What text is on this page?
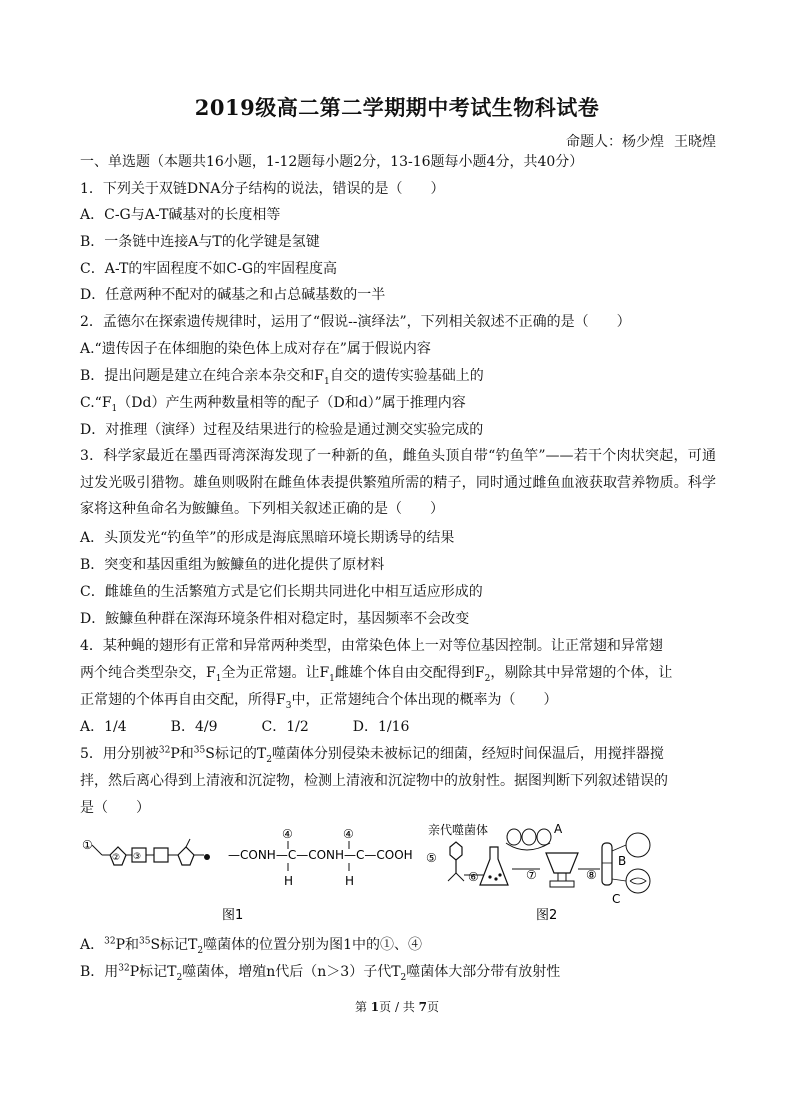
2019级高二第二学期期中考试生物科试卷
命题人：杨少煌 王晓煌
一、单选题（本题共16小题，1-12题每小题2分，13-16题每小题4分，共40分）
1．下列关于双链DNA分子结构的说法，错误的是（　　）
A．C-G与A-T碱基对的长度相等
B．一条链中连接A与T的化学键是氢键
C．A-T的牢固程度不如C-G的牢固程度高
D．任意两种不配对的碱基之和占总碱基数的一半
2．孟德尔在探索遗传规律时，运用了“假说--演绎法”，下列相关叙述不正确的是（　　）
A.“遗传因子在体细胞的染色体上成对存在”属于假说内容
B．提出问题是建立在纯合亲本杂交和$F_1$自交的遗传实验基础上的
$C.“F_1(Dd)$产生两种数量相等的配子（D和d）”属于推理内容
D．对推理（演绎）过程及结果进行的检验是通过测交实验完成的
3．科学家最近在墨西哥湾深海发现了一种新的鱼，雌鱼头顶自带“钓鱼竿”——若干个肉状突起，可通过发光吸引猎物。雄鱼则吸附在雌鱼体表提供繁殖所需的精子，同时通过雌鱼血液获取营养物质。科学家将这种鱼命名为鮟鱇鱼。下列相关叙述正确的是（　　）
A．头顶发光“钓鱼竿”的形成是海底黑暗环境长期诱导的结果
B．突变和基因重组为鮟鱇鱼的进化提供了原材料
C．雌雄鱼的生活繁殖方式是它们长期共同进化中相互适应形成的
D．鮟鱇鱼种群在深海环境条件相对稳定时，基因频率不会改变
4．某种蝇的翅形有正常和异常两种类型，由常染色体上一对等位基因控制。让正常翅和异常翅
两个纯合类型杂交，$F_1$全为正常翅。让$F_1$雌雄个体自由交配得到$F_2$，剔除其中异常翅的个体，让
正常翅的个体再自由交配，所得$F_3$中，正常翅纯合个体出现的概率为（　　）
A．1/4	B．4/9	C．1/2	D．1/16
5．用分别被$^{32}$P和$^{35}$S标记的$T_2$噬菌体分别侵染未被标记的细菌，经短时间保温后，用搅拌器搅
拌，然后离心得到上清液和沉淀物，检测上清液和沉淀物中的放射性。据图判断下列叙述错误的
是（　　）
①
② ③	—CONH—C—CONH—C—COOH
④
H
④
H
图1
亲代噬菌体
⑤
⑥
A
⑦	⑧
B
C
图2
A．$^{32}$P和$^{35}$S标记$T_2$噬菌体的位置分别为图1中的①、④
B．用$^{32}$P标记$T_2$噬菌体，增殖n代后（n＞3）子代$T_2$噬菌体大部分带有放射性
第 1页 / 共 7页
